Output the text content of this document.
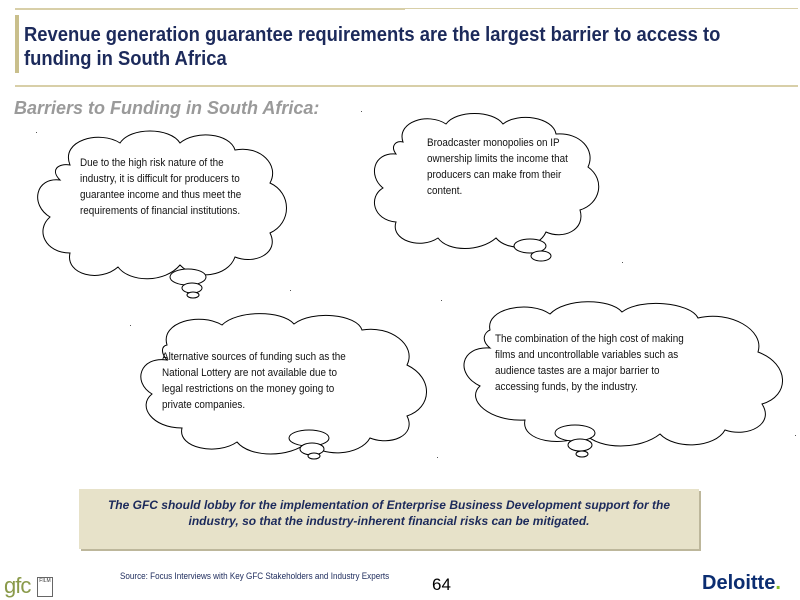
Revenue generation guarantee requirements are the largest barrier to access to funding in South Africa
Barriers to Funding in South Africa:
Due to the high risk nature of the industry, it is difficult for producers to guarantee income and thus meet the requirements of financial institutions.
Broadcaster monopolies on IP ownership limits the income that producers can make from their content.
Alternative sources of funding such as the National Lottery are not available due to legal restrictions on the money going to private companies.
The combination of the high cost of making films and uncontrollable variables such as audience tastes are a major barrier to accessing funds, by the industry.
The GFC should lobby for the implementation of Enterprise Business Development support for the industry, so that the industry-inherent financial risks can be mitigated.
Source: Focus Interviews with Key GFC Stakeholders and Industry Experts	64
gfc	FILM	Deloitte.
